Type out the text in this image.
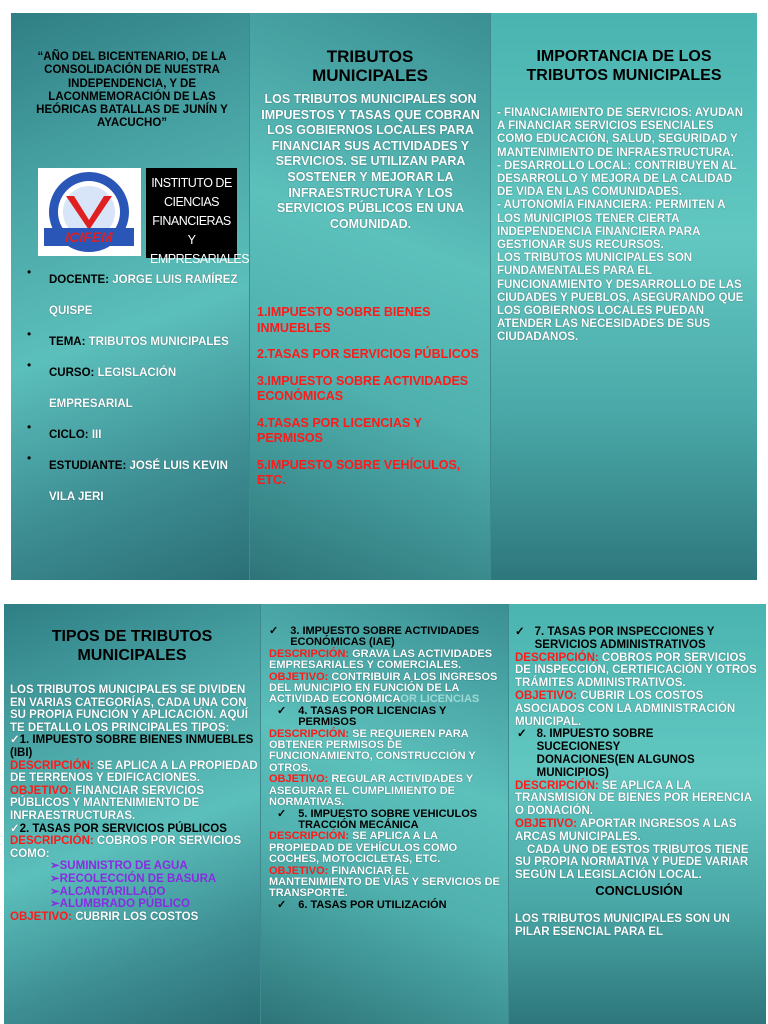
“AÑO DEL BICENTENARIO, DE LA CONSOLIDACIÓN DE NUESTRA INDEPENDENCIA, Y DE LACONMEMORACIÓN DE LAS HEÓRICAS BATALLAS DE JUNÍN Y AYACUCHO”
ICIFEM
INSTITUTO DE CIENCIAS FINANCIERAS Y EMPRESARIALES
•
DOCENTE: JORGE LUIS RAMÍREZ QUISPE
•
TEMA: TRIBUTOS MUNICIPALES
•
CURSO: LEGISLACIÓN EMPRESARIAL
•
CICLO: III
•
ESTUDIANTE: JOSÉ LUIS KEVIN VILA JERI
TRIBUTOS MUNICIPALES
LOS TRIBUTOS MUNICIPALES SON IMPUESTOS Y TASAS QUE COBRAN LOS GOBIERNOS LOCALES PARA FINANCIAR SUS ACTIVIDADES Y SERVICIOS. SE UTILIZAN PARA SOSTENER Y MEJORAR LA INFRAESTRUCTURA Y LOS SERVICIOS PÚBLICOS EN UNA COMUNIDAD.
1.IMPUESTO SOBRE BIENES INMUEBLES
2.TASAS POR SERVICIOS PÚBLICOS
3.IMPUESTO SOBRE ACTIVIDADES ECONÓMICAS
4.TASAS POR LICENCIAS Y PERMISOS
5.IMPUESTO SOBRE VEHÍCULOS, ETC.
IMPORTANCIA DE LOS TRIBUTOS MUNICIPALES
- FINANCIAMIENTO DE SERVICIOS: AYUDAN A FINANCIAR SERVICIOS ESENCIALES COMO EDUCACIÓN, SALUD, SEGURIDAD Y MANTENIMIENTO DE INFRAESTRUCTURA.
- DESARROLLO LOCAL: CONTRIBUYEN AL DESARROLLO Y MEJORA DE LA CALIDAD DE VIDA EN LAS COMUNIDADES.
- AUTONOMÍA FINANCIERA: PERMITEN A LOS MUNICIPIOS TENER CIERTA INDEPENDENCIA FINANCIERA PARA GESTIONAR SUS RECURSOS.
LOS TRIBUTOS MUNICIPALES SON FUNDAMENTALES PARA EL FUNCIONAMIENTO Y DESARROLLO DE LAS CIUDADES Y PUEBLOS, ASEGURANDO QUE LOS GOBIERNOS LOCALES PUEDAN ATENDER LAS NECESIDADES DE SUS CIUDADANOS.
TIPOS DE TRIBUTOS MUNICIPALES
LOS TRIBUTOS MUNICIPALES SE DIVIDEN EN VARIAS CATEGORÍAS, CADA UNA CON SU PROPIA FUNCIÓN Y APLICACIÓN. AQUÍ TE DETALLO LOS PRINCIPALES TIPOS:
✓1. IMPUESTO SOBRE BIENES INMUEBLES (IBI)
DESCRIPCIÓN: SE APLICA A LA PROPIEDAD DE TERRENOS Y EDIFICACIONES.
OBJETIVO: FINANCIAR SERVICIOS PÚBLICOS Y MANTENIMIENTO DE INFRAESTRUCTURAS.
✓2. TASAS POR SERVICIOS PÚBLICOS
DESCRIPCIÓN: COBROS POR SERVICIOS COMO:
➢SUMINISTRO DE AGUA
➢RECOLECCIÓN DE BASURA
➢ALCANTARILLADO
➢ALUMBRADO PÚBLICO
OBJETIVO: CUBRIR LOS COSTOS
✓	3. IMPUESTO SOBRE ACTIVIDADES ECONÓMICAS (IAE)
DESCRIPCIÓN: GRAVA LAS ACTIVIDADES EMPRESARIALES Y COMERCIALES.
OBJETIVO: CONTRIBUIR A LOS INGRESOS DEL MUNICIPIO EN FUNCIÓN DE LA ACTIVIDAD ECONÓMICAOR LICENCIAS
✓	4. TASAS POR LICENCIAS Y PERMISOS
DESCRIPCIÓN: SE REQUIEREN PARA OBTENER PERMISOS DE FUNCIONAMIENTO, CONSTRUCCIÓN Y OTROS.
OBJETIVO: REGULAR ACTIVIDADES Y ASEGURAR EL CUMPLIMIENTO DE NORMATIVAS.
✓	5. IMPUESTO SOBRE VEHICULOS TRACCIÓN MECÁNICA
DESCRIPCIÓN: SE APLICA A LA PROPIEDAD DE VEHÍCULOS COMO COCHES, MOTOCICLETAS, ETC.
OBJETIVO: FINANCIAR EL MANTENIMIENTO DE VÍAS Y SERVICIOS DE TRANSPORTE.
✓	6. TASAS POR UTILIZACIÓN
✓ 7. TASAS POR INSPECCIONES Y SERVICIOS ADMINISTRATIVOS
DESCRIPCIÓN: COBROS POR SERVICIOS DE INSPECCIÓN, CERTIFICACIÓN Y OTROS TRÁMITES ADMINISTRATIVOS.
OBJETIVO: CUBRIR LOS COSTOS ASOCIADOS CON LA ADMINISTRACIÓN MUNICIPAL.
✓ 8. IMPUESTO SOBRE SUCECIONESY DONACIONES(EN ALGUNOS MUNICIPIOS)
DESCRIPCIÓN: SE APLICA A LA TRANSMISIÓN DE BIENES POR HERENCIA O DONACIÓN.
OBJETIVO: APORTAR INGRESOS A LAS ARCAS MUNICIPALES.
CADA UNO DE ESTOS TRIBUTOS TIENE SU PROPIA NORMATIVA Y PUEDE VARIAR SEGÚN LA LEGISLACIÓN LOCAL.
CONCLUSIÓN
LOS TRIBUTOS MUNICIPALES SON UN PILAR ESENCIAL PARA EL
